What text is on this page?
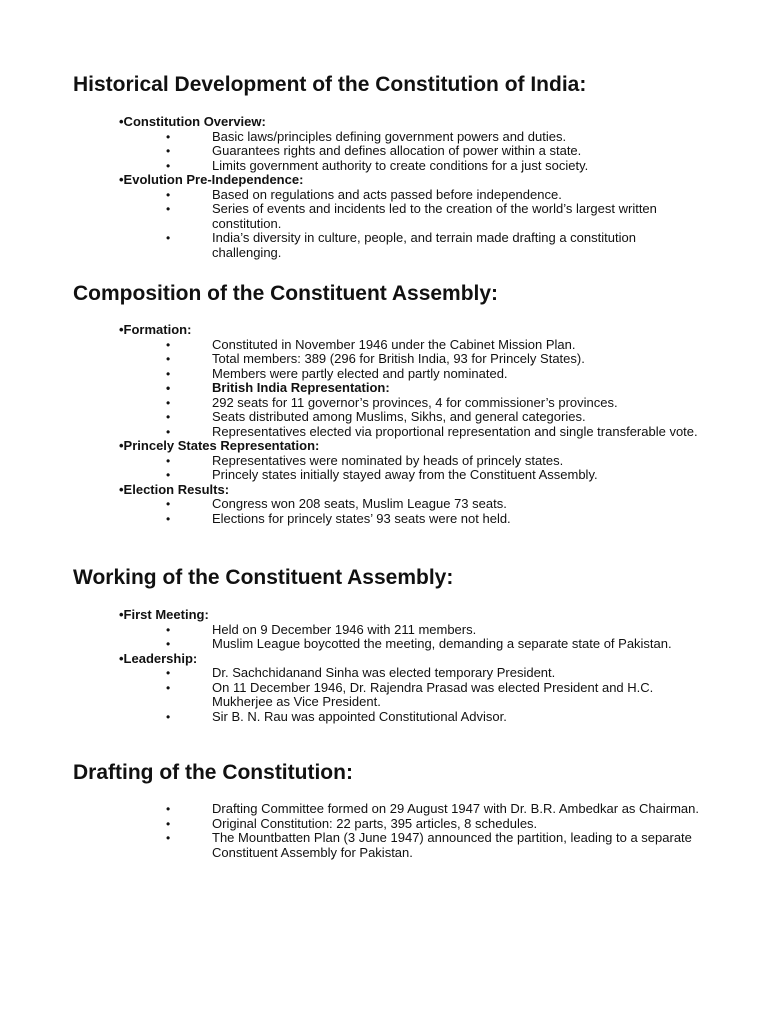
Historical Development of the Constitution of India:
•Constitution Overview:
•	Basic laws/principles defining government powers and duties.
•	Guarantees rights and defines allocation of power within a state.
•	Limits government authority to create conditions for a just society.
•Evolution Pre-Independence:
•	Based on regulations and acts passed before independence.
•	Series of events and incidents led to the creation of the world’s largest written constitution.
•	India’s diversity in culture, people, and terrain made drafting a constitution challenging.
Composition of the Constituent Assembly:
•Formation:
•	Constituted in November 1946 under the Cabinet Mission Plan.
•	Total members: 389 (296 for British India, 93 for Princely States).
•	Members were partly elected and partly nominated.
•	British India Representation:
•	292 seats for 11 governor’s provinces, 4 for commissioner’s provinces.
•	Seats distributed among Muslims, Sikhs, and general categories.
•	Representatives elected via proportional representation and single transferable vote.
•Princely States Representation:
•	Representatives were nominated by heads of princely states.
•	Princely states initially stayed away from the Constituent Assembly.
•Election Results:
•	Congress won 208 seats, Muslim League 73 seats.
•	Elections for princely states’ 93 seats were not held.
Working of the Constituent Assembly:
•First Meeting:
•	Held on 9 December 1946 with 211 members.
•	Muslim League boycotted the meeting, demanding a separate state of Pakistan.
•Leadership:
•	Dr. Sachchidanand Sinha was elected temporary President.
•	On 11 December 1946, Dr. Rajendra Prasad was elected President and H.C. Mukherjee as Vice President.
•	Sir B. N. Rau was appointed Constitutional Advisor.
Drafting of the Constitution:
•	Drafting Committee formed on 29 August 1947 with Dr. B.R. Ambedkar as Chairman.
•	Original Constitution: 22 parts, 395 articles, 8 schedules.
•	The Mountbatten Plan (3 June 1947) announced the partition, leading to a separate Constituent Assembly for Pakistan.
